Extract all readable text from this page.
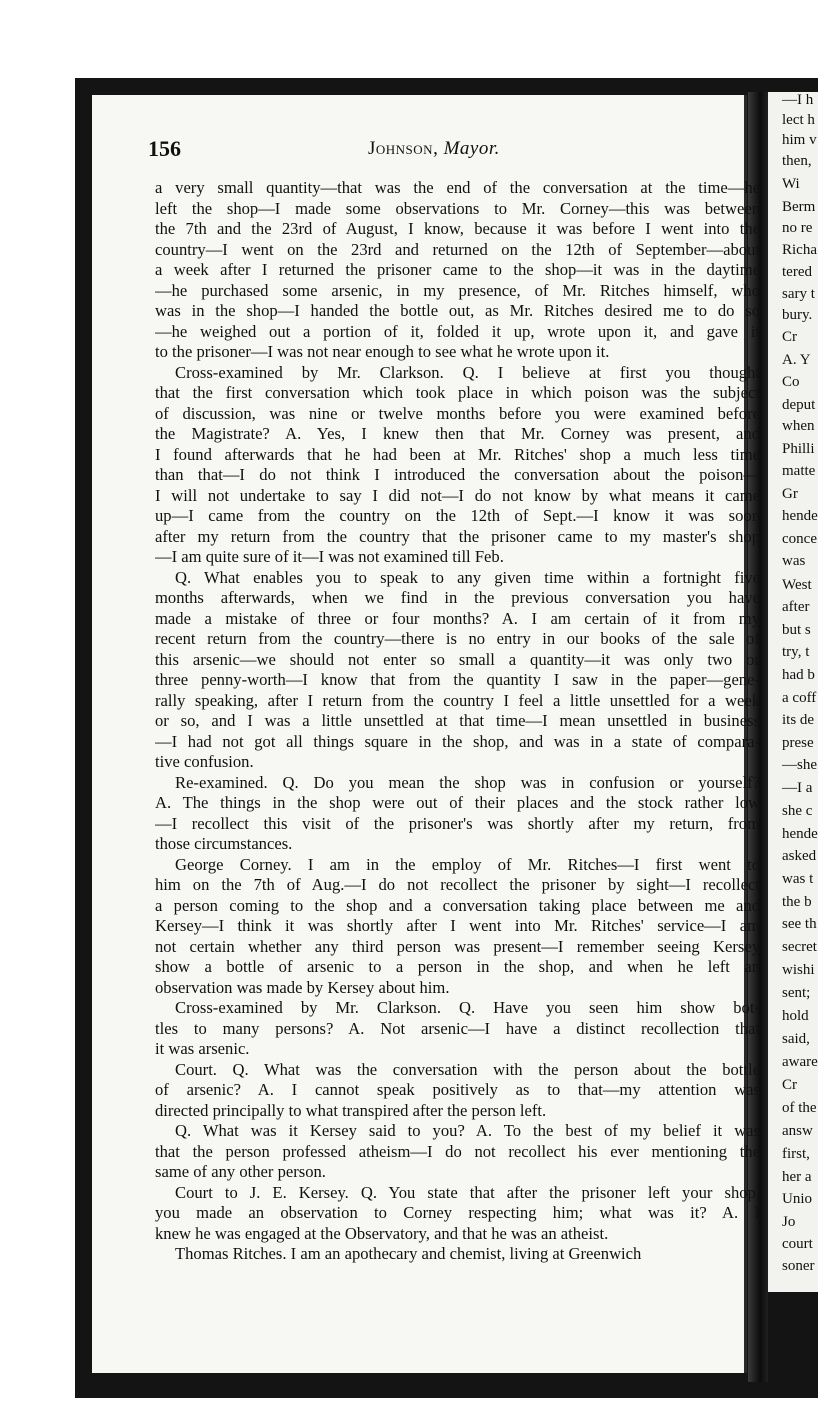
—I h
lect h
him v
then,
Wi
Berm
no re
Richa
tered
sary t
bury.
Cr
A. Y
Co
deput
when
Philli
matte
Gr
hende
conce
was
West
after
but s
try, t
had b
a coff
its de
prese
—she
—I a
she c
hende
asked
was t
the b
see th
secret
wishi
sent;
hold
said,
aware
Cr
of the
answ
first,
her a
Unio
Jo
court
soner
156	Johnson, Mayor.
a very small quantity—that was the end of the conversation at the time—he
left the shop—I made some observations to Mr. Corney—this was between
the 7th and the 23rd of August, I know, because it was before I went into the
country—I went on the 23rd and returned on the 12th of September—about
a week after I returned the prisoner came to the shop—it was in the daytime
—he purchased some arsenic, in my presence, of Mr. Ritches himself, who
was in the shop—I handed the bottle out, as Mr. Ritches desired me to do so
—he weighed out a portion of it, folded it up, wrote upon it, and gave it
to the prisoner—I was not near enough to see what he wrote upon it.
Cross-examined by Mr. Clarkson. Q. I believe at first you thought
that the first conversation which took place in which poison was the subject
of discussion, was nine or twelve months before you were examined before
the Magistrate? A. Yes, I knew then that Mr. Corney was present, and
I found afterwards that he had been at Mr. Ritches' shop a much less time
than that—I do not think I introduced the conversation about the poison—
I will not undertake to say I did not—I do not know by what means it came
up—I came from the country on the 12th of Sept.—I know it was soon
after my return from the country that the prisoner came to my master's shop
—I am quite sure of it—I was not examined till Feb.
Q. What enables you to speak to any given time within a fortnight five
months afterwards, when we find in the previous conversation you have
made a mistake of three or four months? A. I am certain of it from my
recent return from the country—there is no entry in our books of the sale of
this arsenic—we should not enter so small a quantity—it was only two or
three penny-worth—I know that from the quantity I saw in the paper—gene-
rally speaking, after I return from the country I feel a little unsettled for a week
or so, and I was a little unsettled at that time—I mean unsettled in business
—I had not got all things square in the shop, and was in a state of compara-
tive confusion.
Re-examined. Q. Do you mean the shop was in confusion or yourself?
A. The things in the shop were out of their places and the stock rather low
—I recollect this visit of the prisoner's was shortly after my return, from
those circumstances.
George Corney. I am in the employ of Mr. Ritches—I first went to
him on the 7th of Aug.—I do not recollect the prisoner by sight—I recollect
a person coming to the shop and a conversation taking place between me and
Kersey—I think it was shortly after I went into Mr. Ritches' service—I am
not certain whether any third person was present—I remember seeing Kersey
show a bottle of arsenic to a person in the shop, and when he left an
observation was made by Kersey about him.
Cross-examined by Mr. Clarkson. Q. Have you seen him show bot-
tles to many persons? A. Not arsenic—I have a distinct recollection that
it was arsenic.
Court. Q. What was the conversation with the person about the bottle
of arsenic? A. I cannot speak positively as to that—my attention was
directed principally to what transpired after the person left.
Q. What was it Kersey said to you? A. To the best of my belief it was
that the person professed atheism—I do not recollect his ever mentioning the
same of any other person.
Court to J. E. Kersey. Q. You state that after the prisoner left your shop,
you made an observation to Corney respecting him; what was it? A. I
knew he was engaged at the Observatory, and that he was an atheist.
Thomas Ritches. I am an apothecary and chemist, living at Greenwich
